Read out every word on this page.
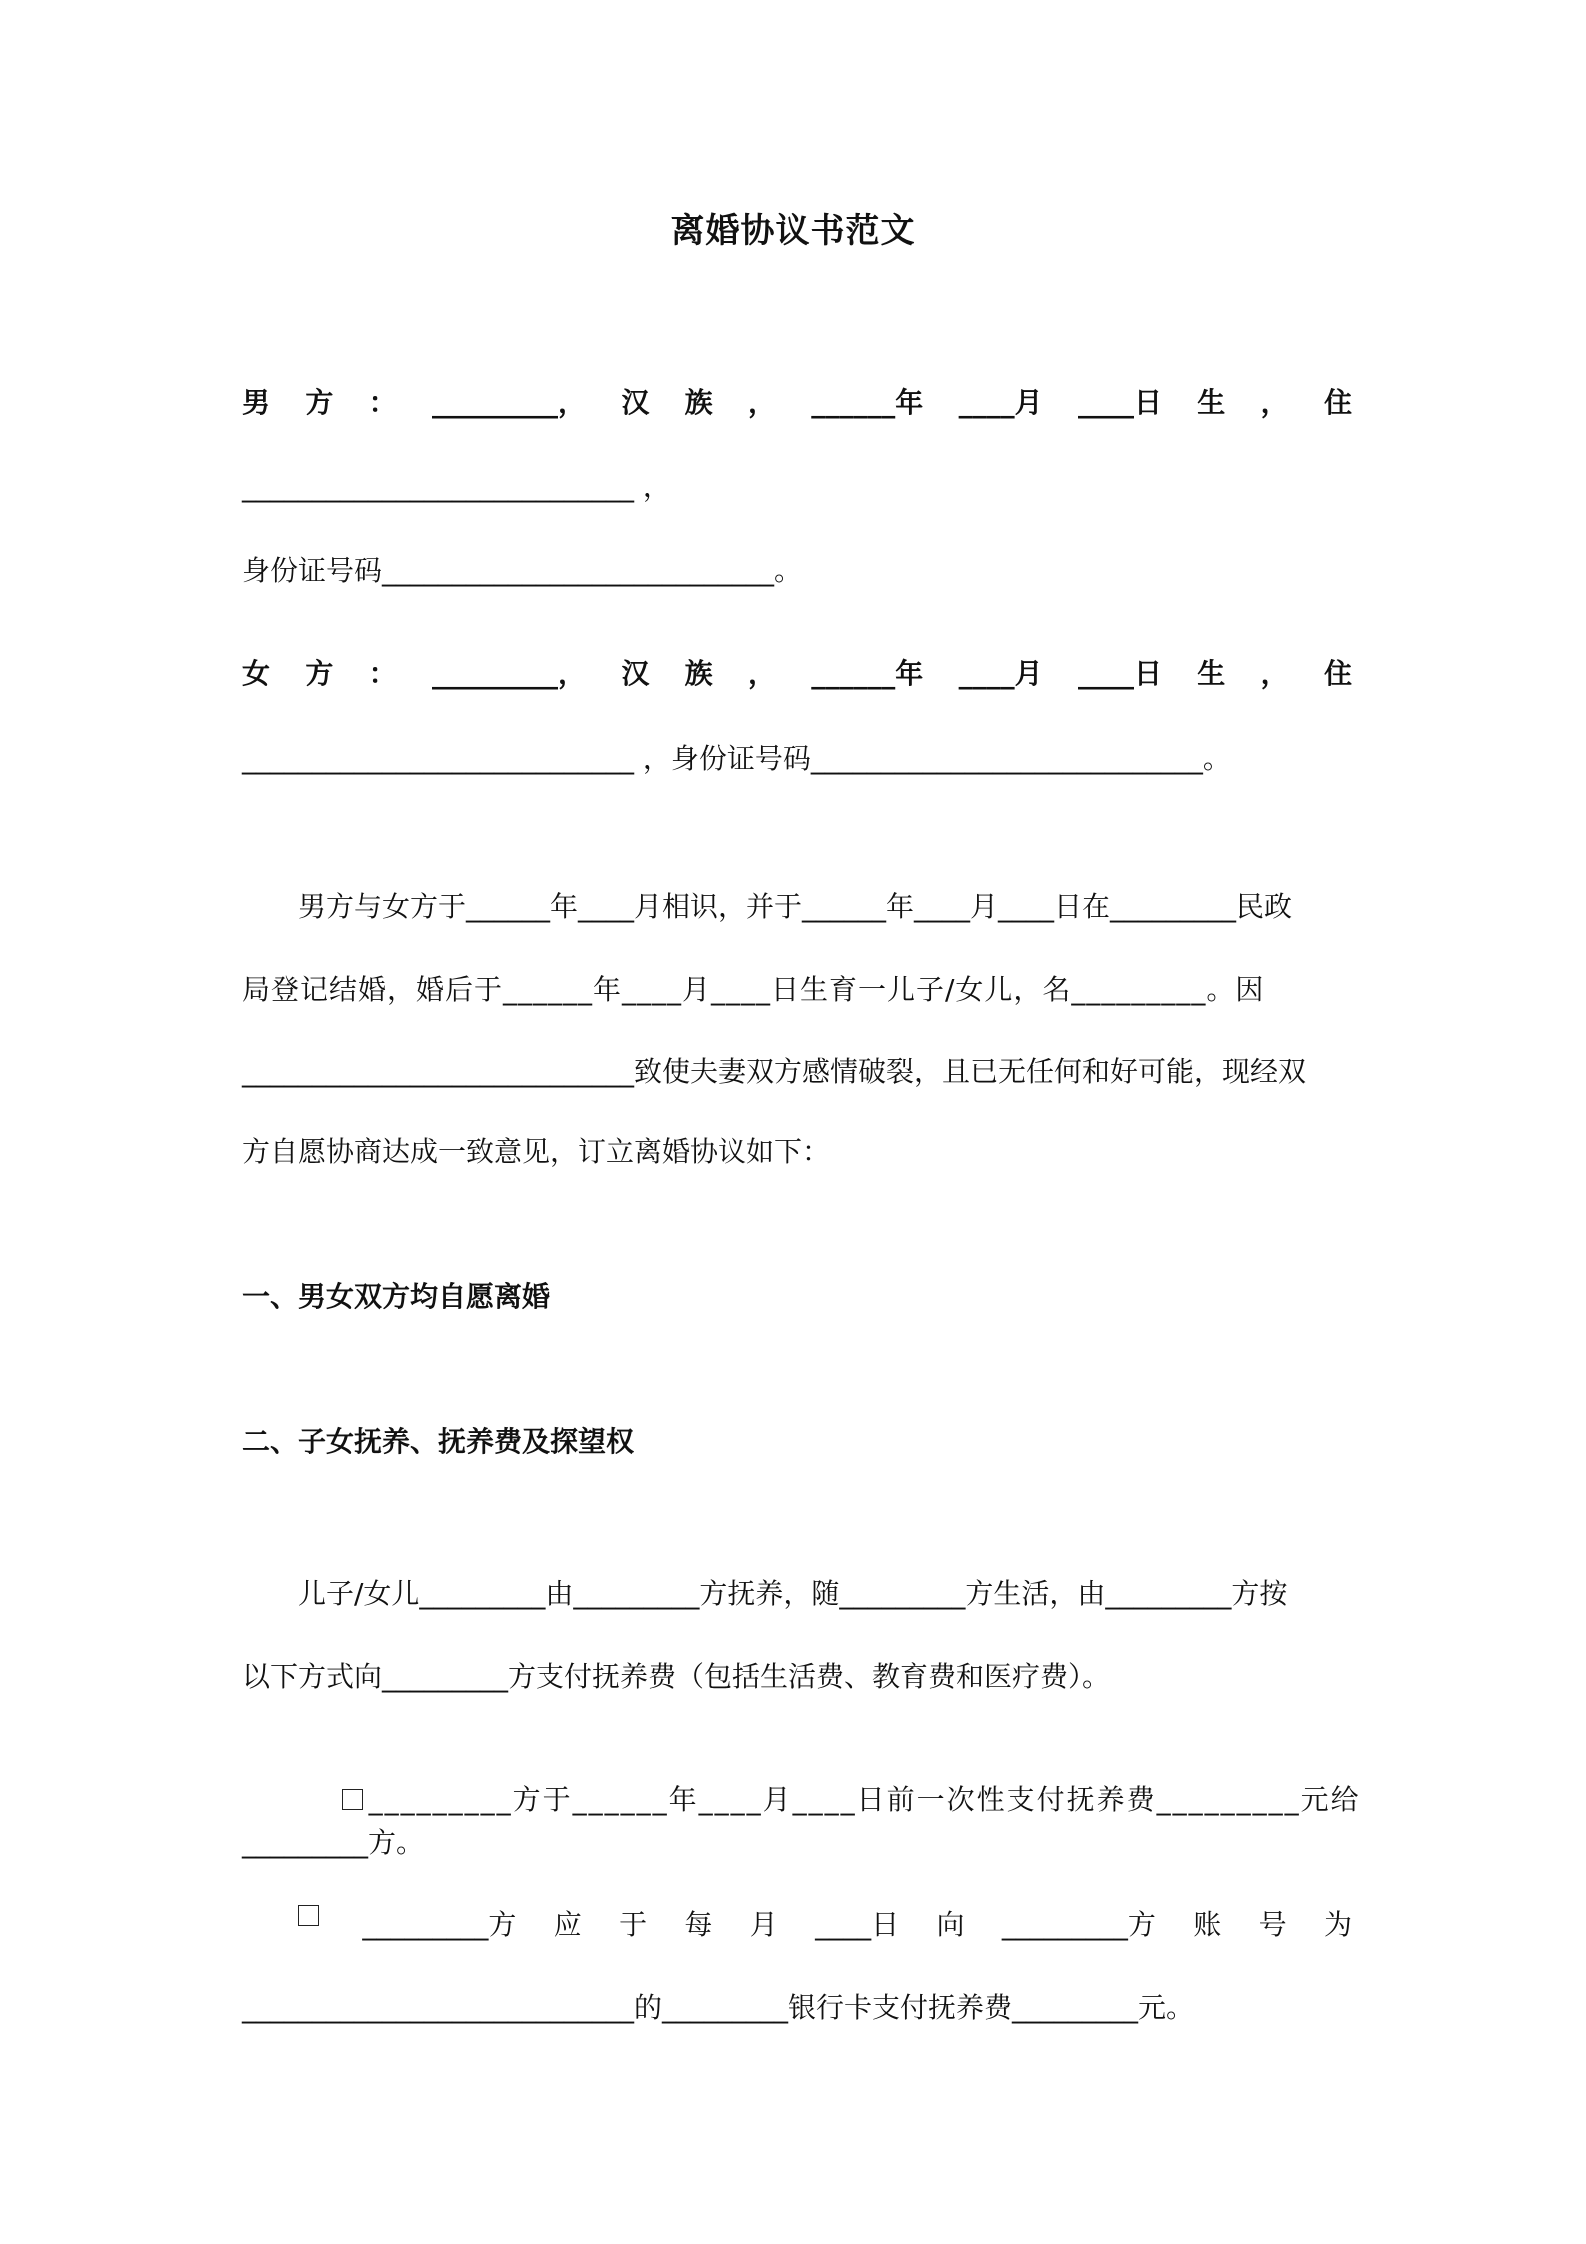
离婚协议书范文
男 方 ： _________， 汉 族 ， ______年 ____月 ____日 生 ， 住
____________________________ ，
身份证号码____________________________。
女 方 ： _________， 汉 族 ， ______年 ____月 ____日 生 ， 住
____________________________ ，身份证号码____________________________。
男方与女方于______年____月相识，并于______年____月____日在_________民政
局登记结婚，婚后于______年____月____日生育一儿子/女儿，名_________。因
____________________________致使夫妻双方感情破裂，且已无任何和好可能，现经双
方自愿协商达成一致意见，订立离婚协议如下：
一、男女双方均自愿离婚
二、子女抚养、抚养费及探望权
儿子/女儿_________由_________方抚养，随_________方生活，由_________方按
以下方式向_________方支付抚养费（包括生活费、教育费和医疗费）。

_________方于______年____月____日前一次性支付抚养费_________元给

_________方。
_________方 应 于 每 月 ____日 向 _________方 账 号 为
____________________________的_________银行卡支付抚养费_________元。
